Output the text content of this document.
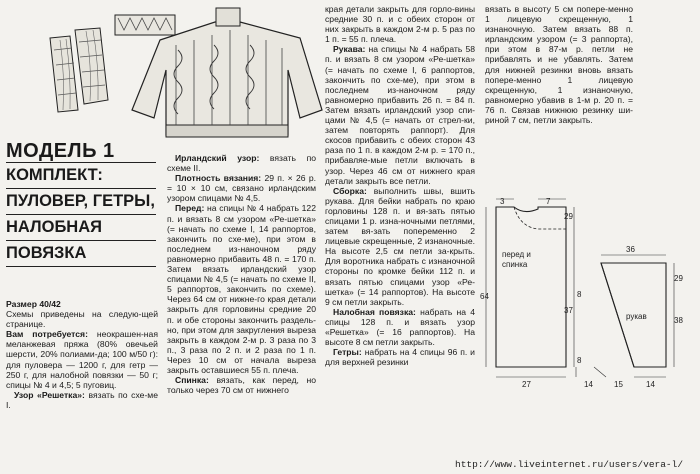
МОДЕЛЬ 1
КОМПЛЕКТ:
ПУЛОВЕР, ГЕТРЫ,
НАЛОБНАЯ
ПОВЯЗКА

Размер 40/42

Схемы приведены на следую-щей странице.

Вам потребуется: неокрашен-ная меланжевая пряжа (80% овечьей шерсти, 20% полиами-да; 100 м/50 г): для пуловера — 1200 г, для гетр — 250 г, для налобной повязки — 50 г; спицы № 4 и 4,5; 5 пуговиц.

Узор «Решетка»: вязать по схе-ме I.

Ирландский узор: вязать по схеме II.

Плотность вязания: 29 п. × 26 р. = 10 × 10 см, связано ирландским узором спицами № 4,5.

Перед: на спицы № 4 набрать 122 п. и вязать 8 см узором «Ре-шетка» (= начать по схеме I, 14 раппортов, закончить по схе-ме), при этом в последнем из-наночном ряду равномерно прибавить 48 п. = 170 п. Затем вязать ирландский узор спицами № 4,5 (= начать по схеме II, 5 раппортов, закончить по схеме). Через 64 см от нижне-го края детали закрыть для горловины средние 20 п. и обе стороны закончить раздель-но, при этом для закругления выреза закрыть в каждом 2-м р. 3 раза по 3 п., 3 раза по 2 п. и 2 раза по 1 п. Через 10 см от начала выреза закрыть оставшиеся 55 п. плеча.

Спинка: вязать, как перед, но только через 70 см от нижнего

края детали закрыть для горло-вины средние 30 п. и с обеих сторон от них закрыть в каждом 2-м р. 5 раз по 1 п. = 55 п. плеча.

Рукава: на спицы № 4 набрать 58 п. и вязать 8 см узором «Ре-шетка» (= начать по схеме I, 6 раппортов, закончить по схе-ме), при этом в последнем из-наночном ряду равномерно прибавить 26 п. = 84 п. Затем вязать ирландский узор спи-цами № 4,5 (= начать от стрел-ки, затем повторять раппорт). Для скосов прибавить с обеих сторон 43 раза по 1 п. в каждом 2-м р. = 170 п., прибавляе-мые петли включать в узор. Через 46 см от нижнего края детали закрыть все петли.

Сборка: выполнить швы, вшить рукава. Для бейки набрать по краю горловины 128 п. и вя-зать пятью спицами 1 р. изна-ночными петлями, затем вя-зать попеременно 2 лицевые скрещенные, 2 изнаночные. На высоте 2,5 см петли за-крыть. Для воротника набрать с изнаночной стороны по кромке бейки 112 п. и вязать пятью спицами узор «Ре-шетка» (= 14 раппортов). На высоте 9 см петли закрыть.

Налобная повязка: набрать на 4 спицы 128 п. и вязать узор «Решетка» (= 16 раппортов). На высоте 8 см петли закрыть.

Гетры: набрать на 4 спицы 96 п. и для верхней резинки

вязать в высоту 5 см попере-менно 1 лицевую скрещенную, 1 изнаночную. Затем вязать 88 п. ирландским узором (= 3 раппорта), при этом в 87-м р. петли не прибавлять и не убавлять. Затем для нижней резинки вновь вязать попере-менно 1 лицевую скрещенную, 1 изнаночную, равномерно убавив в 1-м р. 20 п. = 76 п. Связав нижнюю резинку ши-риной 7 см, петли закрыть.

перед и
спинка
рукав
3	7
29
8
37
8
64
27	14
36
29
38
15	14
http://www.liveinternet.ru/users/vera-l/
